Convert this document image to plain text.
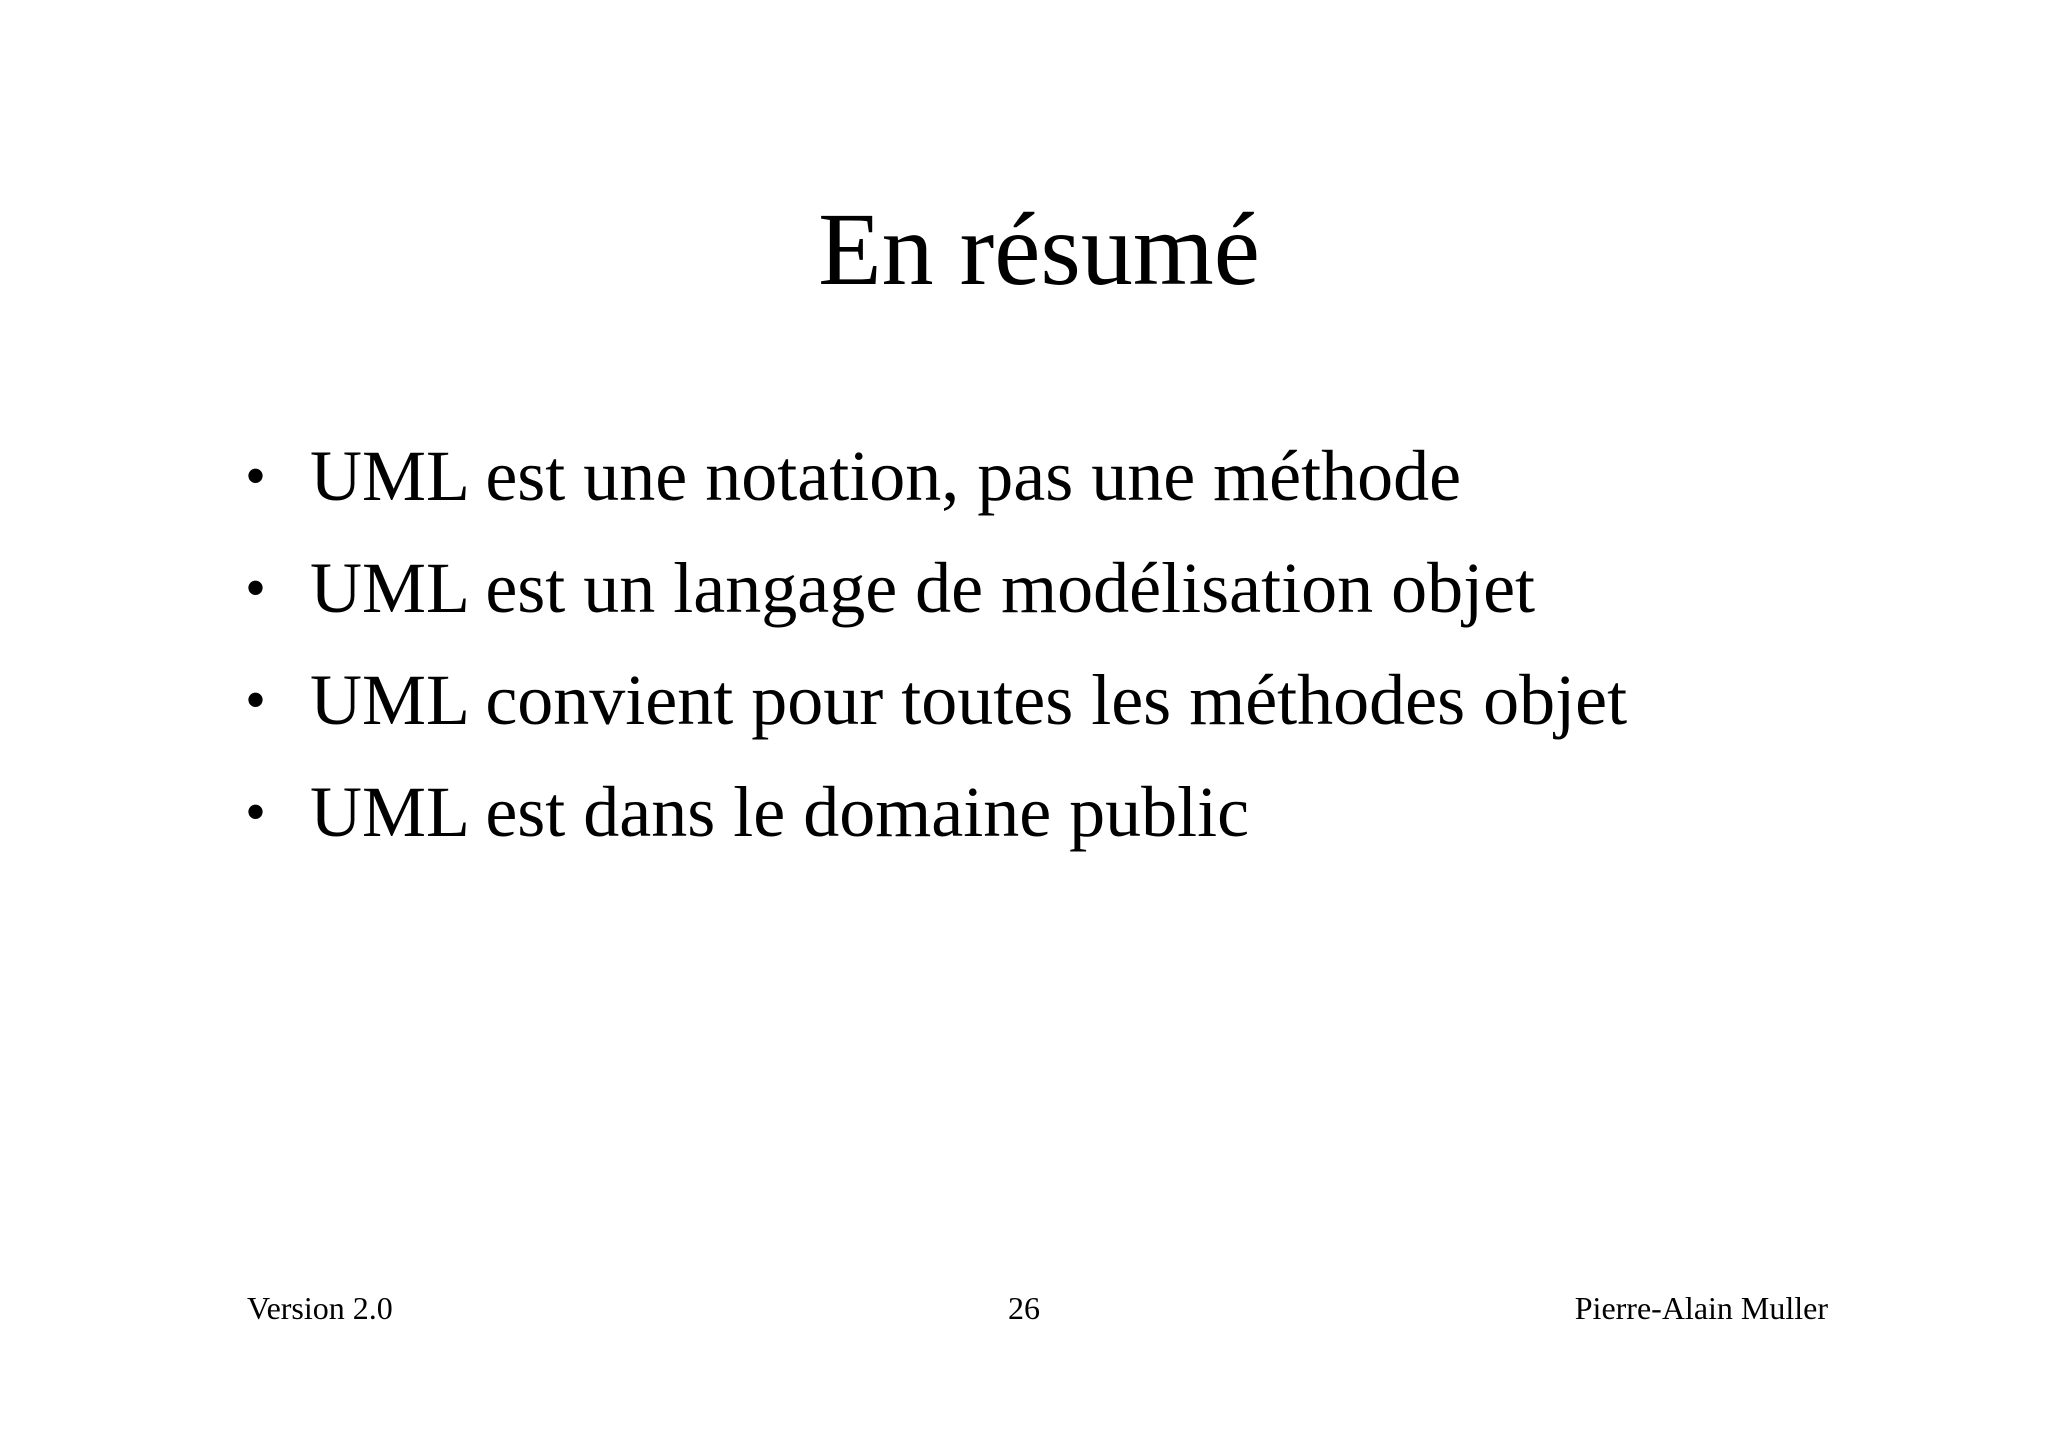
En résumé
• UML est une notation, pas une méthode
• UML est un langage de modélisation objet
• UML convient pour toutes les méthodes objet
• UML est dans le domaine public
Version 2.0	26	Pierre-Alain Muller
